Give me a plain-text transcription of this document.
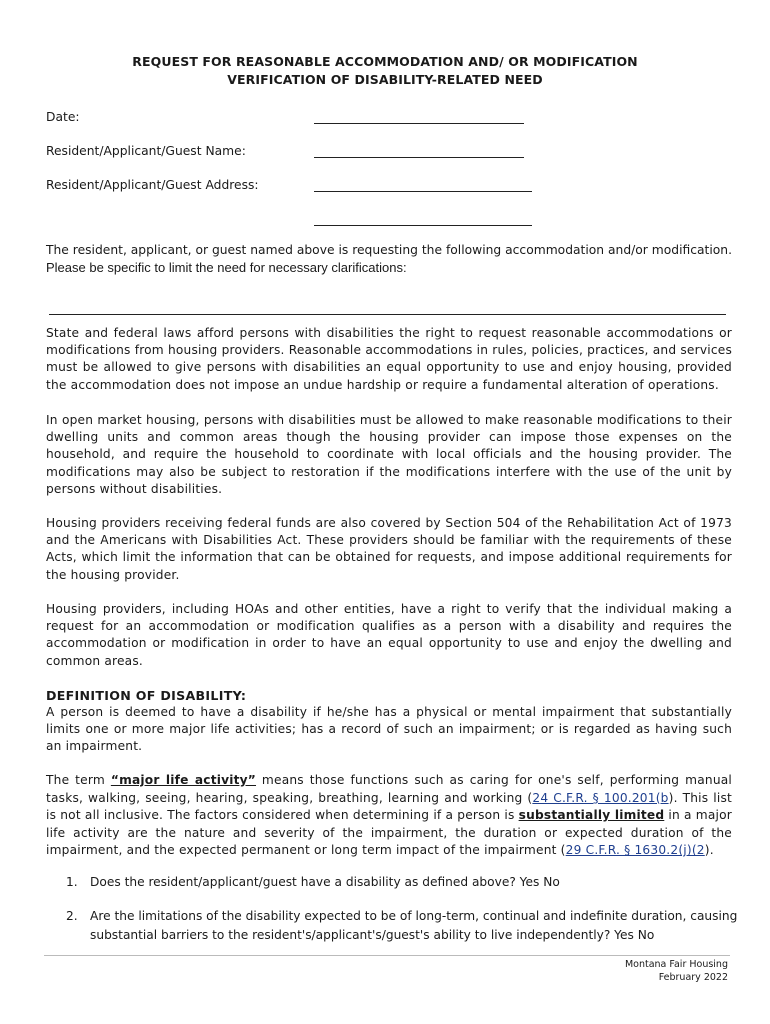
REQUEST FOR REASONABLE ACCOMMODATION AND/ OR MODIFICATION
VERIFICATION OF DISABILITY-RELATED NEED
Date:
Resident/Applicant/Guest Name:
Resident/Applicant/Guest Address:
The resident, applicant, or guest named above is requesting the following accommodation and/or modification.
Please be specific to limit the need for necessary clarifications:
State and federal laws afford persons with disabilities the right to request reasonable accommodations or modifications from housing providers. Reasonable accommodations in rules, policies, practices, and services must be allowed to give persons with disabilities an equal opportunity to use and enjoy housing, provided the accommodation does not impose an undue hardship or require a fundamental alteration of operations.
In open market housing, persons with disabilities must be allowed to make reasonable modifications to their dwelling units and common areas though the housing provider can impose those expenses on the household, and require the household to coordinate with local officials and the housing provider. The modifications may also be subject to restoration if the modifications interfere with the use of the unit by persons without disabilities.
Housing providers receiving federal funds are also covered by Section 504 of the Rehabilitation Act of 1973 and the Americans with Disabilities Act. These providers should be familiar with the requirements of these Acts, which limit the information that can be obtained for requests, and impose additional requirements for the housing provider.
Housing providers, including HOAs and other entities, have a right to verify that the individual making a request for an accommodation or modification qualifies as a person with a disability and requires the accommodation or modification in order to have an equal opportunity to use and enjoy the dwelling and common areas.
DEFINITION OF DISABILITY:
A person is deemed to have a disability if he/she has a physical or mental impairment that substantially limits one or more major life activities; has a record of such an impairment; or is regarded as having such an impairment.
The term “major life activity” means those functions such as caring for one's self, performing manual tasks, walking, seeing, hearing, speaking, breathing, learning and working (24 C.F.R. § 100.201(b). This list is not all inclusive. The factors considered when determining if a person is substantially limited in a major life activity are the nature and severity of the impairment, the duration or expected duration of the impairment, and the expected permanent or long term impact of the impairment (29 C.F.R. § 1630.2(j)(2).
1.	Does the resident/applicant/guest have a disability as defined above? Yes No
2.	Are the limitations of the disability expected to be of long-term, continual and indefinite duration, causing substantial barriers to the resident's/applicant's/guest's ability to live independently? Yes No
Montana Fair Housing
February 2022
